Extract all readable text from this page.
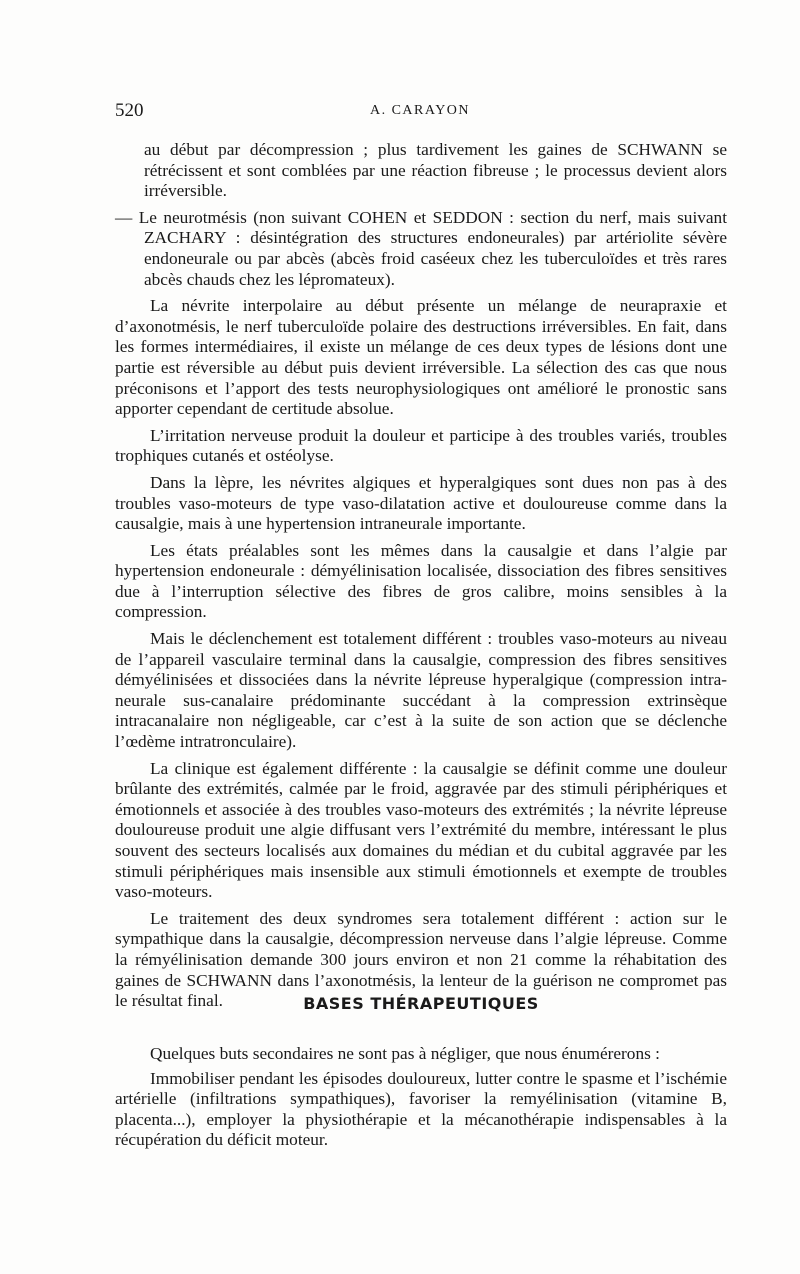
520	A. CARAYON

au début par décompression ; plus tardivement les gaines de SCHWANN se rétrécissent et sont comblées par une réaction fibreuse ; le processus devient alors irréversible.

— Le neurotmésis (non suivant COHEN et SEDDON : section du nerf, mais suivant ZACHARY : désintégration des structures endoneurales) par artériolite sévère endoneurale ou par abcès (abcès froid caséeux chez les tuberculoïdes et très rares abcès chauds chez les lépromateux).

La névrite interpolaire au début présente un mélange de neurapraxie et d’axonotmésis, le nerf tuberculoïde polaire des destructions irréversibles. En fait, dans les formes intermédiaires, il existe un mélange de ces deux types de lésions dont une partie est réversible au début puis devient irréversible. La sélection des cas que nous préconisons et l’apport des tests neurophysiologiques ont amélioré le pronostic sans apporter cependant de certitude absolue.

L’irritation nerveuse produit la douleur et participe à des troubles variés, troubles trophiques cutanés et ostéolyse.

Dans la lèpre, les névrites algiques et hyperalgiques sont dues non pas à des troubles vaso-moteurs de type vaso-dilatation active et douloureuse comme dans la causalgie, mais à une hypertension intraneurale importante.

Les états préalables sont les mêmes dans la causalgie et dans l’algie par hypertension endoneurale : démyélinisation localisée, dissociation des fibres sensitives due à l’interruption sélective des fibres de gros calibre, moins sensibles à la compression.

Mais le déclenchement est totalement différent : troubles vaso-moteurs au niveau de l’appareil vasculaire terminal dans la causalgie, compression des fibres sensitives démyélinisées et dissociées dans la névrite lépreuse hyperalgique (compression intra-neurale sus-canalaire prédominante succédant à la compression extrinsèque intracanalaire non négligeable, car c’est à la suite de son action que se déclenche l’œdème intratronculaire).

La clinique est également différente : la causalgie se définit comme une douleur brûlante des extrémités, calmée par le froid, aggravée par des stimuli périphériques et émotionnels et associée à des troubles vaso-moteurs des extrémités ; la névrite lépreuse douloureuse produit une algie diffusant vers l’extrémité du membre, intéressant le plus souvent des secteurs localisés aux domaines du médian et du cubital aggravée par les stimuli périphériques mais insensible aux stimuli émotionnels et exempte de troubles vaso-moteurs.

Le traitement des deux syndromes sera totalement différent : action sur le sympathique dans la causalgie, décompression nerveuse dans l’algie lépreuse. Comme la rémyélinisation demande 300 jours environ et non 21 comme la réhabitation des gaines de SCHWANN dans l’axonotmésis, la lenteur de la guérison ne compromet pas le résultat final.	BASES THÉRAPEUTIQUES

Quelques buts secondaires ne sont pas à négliger, que nous énumérerons :

Immobiliser pendant les épisodes douloureux, lutter contre le spasme et l’ischémie artérielle (infiltrations sympathiques), favoriser la remyélinisation (vitamine B, placenta...), employer la physiothérapie et la mécanothérapie indispensables à la récupération du déficit moteur.
